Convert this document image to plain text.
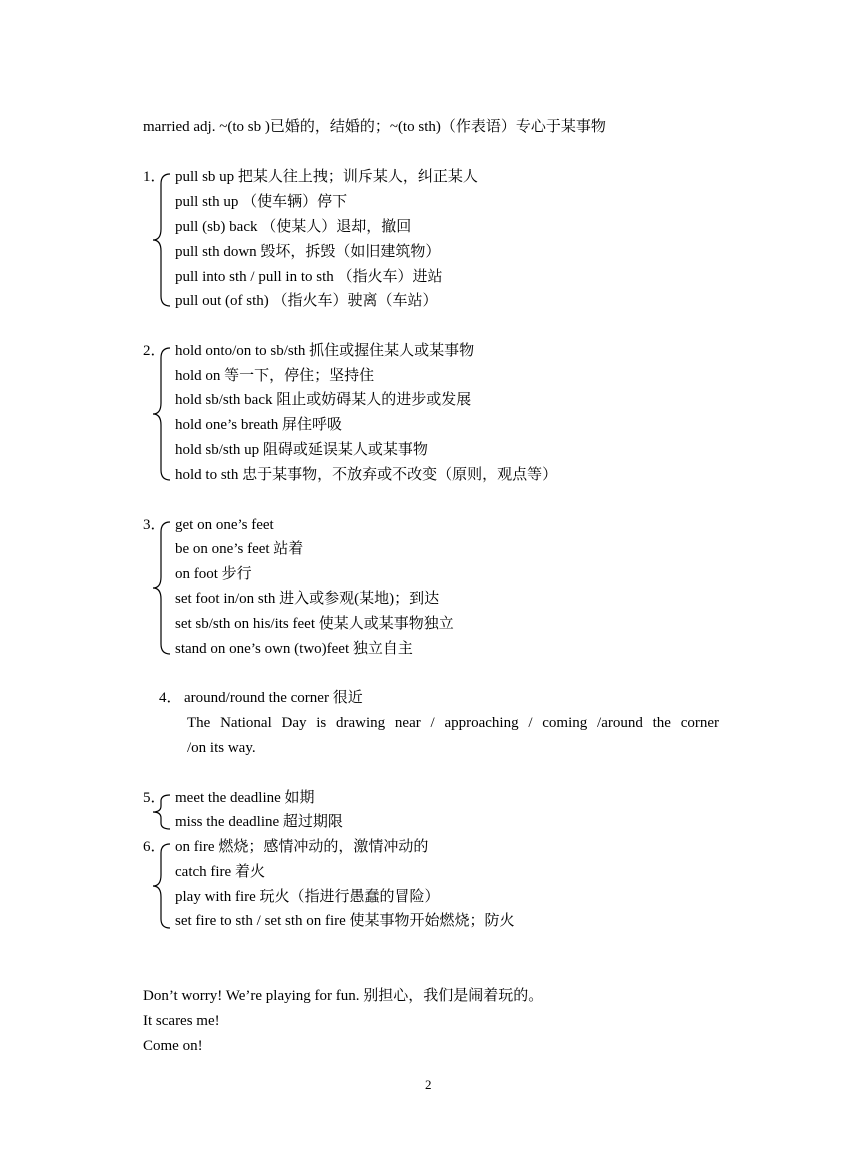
married adj. ~(to sb )已婚的，结婚的；~(to sth)（作表语）专心于某事物
1． pull sb up 把某人往上拽；训斥某人，纠正某人
pull sth up （使车辆）停下
pull (sb) back （使某人）退却，撤回
pull sth down 毁坏，拆毁（如旧建筑物）
pull into sth / pull in to sth （指火车）进站
pull out (of sth) （指火车）驶离（车站）
2． hold onto/on to sb/sth 抓住或握住某人或某事物
hold on 等一下，停住；坚持住
hold sb/sth back 阻止或妨碍某人的进步或发展
hold one’s breath 屏住呼吸
hold sb/sth up 阻碍或延误某人或某事物
hold to sth 忠于某事物，不放弃或不改变（原则，观点等）
3． get on one’s feet
be on one’s feet 站着
on foot 步行
set foot in/on sth 进入或参观(某地)；到达
set sb/sth on his/its feet 使某人或某事物独立
stand on one’s own (two)feet 独立自主
4． around/round the corner 很近
The National Day is drawing near / approaching / coming /around the corner
/on its way.
5． meet the deadline 如期
miss the deadline 超过期限
6． on fire 燃烧；感情冲动的，激情冲动的
catch fire 着火
play with fire 玩火（指进行愚蠢的冒险）
set fire to sth / set sth on fire 使某事物开始燃烧；防火
Don’t worry! We’re playing for fun. 别担心，我们是闹着玩的。
It scares me!
Come on!
2
